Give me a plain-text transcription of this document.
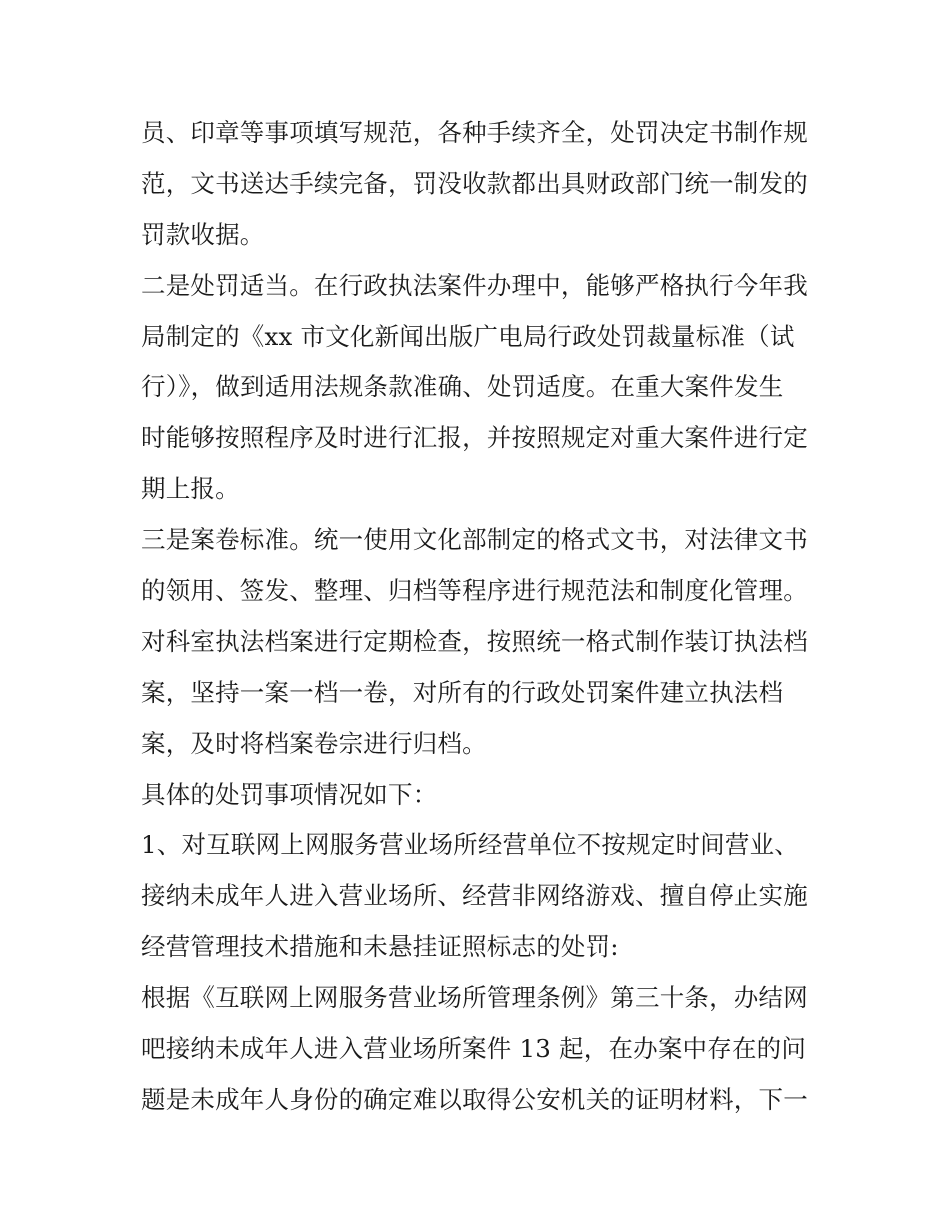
员、印章等事项填写规范，各种手续齐全，处罚决定书制作规
范，文书送达手续完备，罚没收款都出具财政部门统一制发的
罚款收据。
二是处罚适当。在行政执法案件办理中，能够严格执行今年我
局制定的《xx 市文化新闻出版广电局行政处罚裁量标准（试
行）》，做到适用法规条款准确、处罚适度。在重大案件发生
时能够按照程序及时进行汇报，并按照规定对重大案件进行定
期上报。
三是案卷标准。统一使用文化部制定的格式文书，对法律文书
的领用、签发、整理、归档等程序进行规范法和制度化管理。
对科室执法档案进行定期检查，按照统一格式制作装订执法档
案，坚持一案一档一卷，对所有的行政处罚案件建立执法档
案，及时将档案卷宗进行归档。
具体的处罚事项情况如下：
1、对互联网上网服务营业场所经营单位不按规定时间营业、
接纳未成年人进入营业场所、经营非网络游戏、擅自停止实施
经营管理技术措施和未悬挂证照标志的处罚:
根据《互联网上网服务营业场所管理条例》第三十条，办结网
吧接纳未成年人进入营业场所案件 13 起，在办案中存在的问
题是未成年人身份的确定难以取得公安机关的证明材料，下一
